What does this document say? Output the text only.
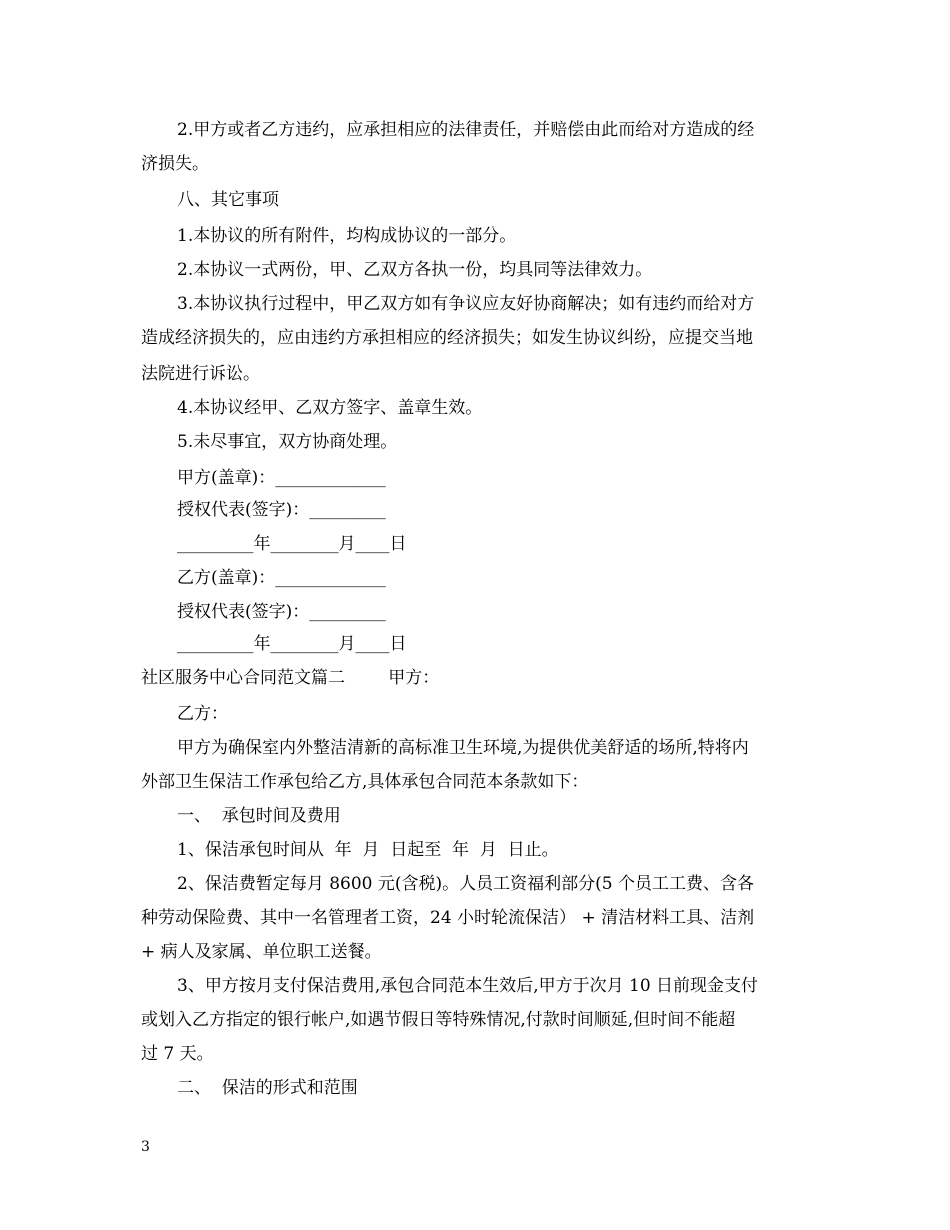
2.甲方或者乙方违约，应承担相应的法律责任，并赔偿由此而给对方造成的经
济损失。
八、其它事项
1.本协议的所有附件，均构成协议的一部分。
2.本协议一式两份，甲、乙双方各执一份，均具同等法律效力。
3.本协议执行过程中，甲乙双方如有争议应友好协商解决；如有违约而给对方
造成经济损失的，应由违约方承担相应的经济损失；如发生协议纠纷，应提交当地
法院进行诉讼。
4.本协议经甲、乙双方签字、盖章生效。
5.未尽事宜，双方协商处理。
甲方(盖章)：_____________
授权代表(签字)：_________
_________年________月____日
乙方(盖章)：_____________
授权代表(签字)：_________
_________年________月____日
社区服务中心合同范文篇二        甲方：
乙方：
甲方为确保室内外整洁清新的高标准卫生环境,为提供优美舒适的场所,特将内
外部卫生保洁工作承包给乙方,具体承包合同范本条款如下：
一、  承包时间及费用
1、保洁承包时间从  年  月  日起至  年  月  日止。
2、保洁费暂定每月 8600 元(含税)。人员工资福利部分(5 个员工工费、含各
种劳动保险费、其中一名管理者工资，24 小时轮流保洁） + 清洁材料工具、洁剂
+ 病人及家属、单位职工送餐。
3、甲方按月支付保洁费用,承包合同范本生效后,甲方于次月 10 日前现金支付
或划入乙方指定的银行帐户,如遇节假日等特殊情况,付款时间顺延,但时间不能超
过 7 天。
二、  保洁的形式和范围
3
